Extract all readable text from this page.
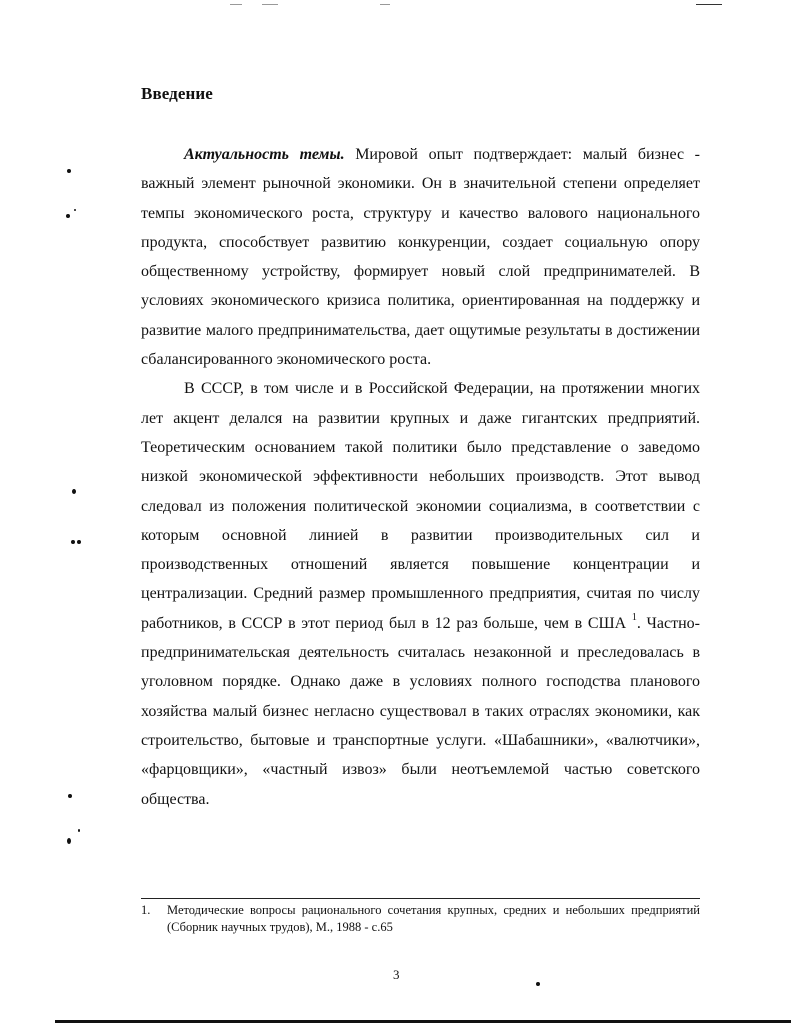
Введение

Актуальность темы. Мировой опыт подтверждает: малый бизнес - важный элемент рыночной экономики. Он в значительной степени определяет темпы экономического роста, структуру и качество валового национального продукта, способствует развитию конкуренции, создает социальную опору общественному устройству, формирует новый слой предпринимателей. В условиях экономического кризиса политика, ориентированная на поддержку и развитие малого предпринимательства, дает ощутимые результаты в достижении сбалансированного экономического роста.

В СССР, в том числе и в Российской Федерации, на протяжении многих лет акцент делался на развитии крупных и даже гигантских предприятий. Теоретическим основанием такой политики было представление о заведомо низкой экономической эффективности небольших производств. Этот вывод следовал из положения политической экономии социализма, в соответствии с которым основной линией в развитии производительных сил и производственных отношений является повышение концентрации и централизации. Средний размер промышленного предприятия, считая по числу работников, в СССР в этот период был в 12 раз больше, чем в США $^1$. Частно-предпринимательская деятельность считалась незаконной и преследовалась в уголовном порядке. Однако даже в условиях полного господства планового хозяйства малый бизнес негласно существовал в таких отраслях экономики, как строительство, бытовые и транспортные услуги. «Шабашники», «валютчики», «фарцовщики», «частный извоз» были неотъемлемой частью советского общества.

1.	Методические вопросы рационального сочетания крупных, средних и небольших предприятий (Сборник научных трудов), М., 1988 - с.65
3
